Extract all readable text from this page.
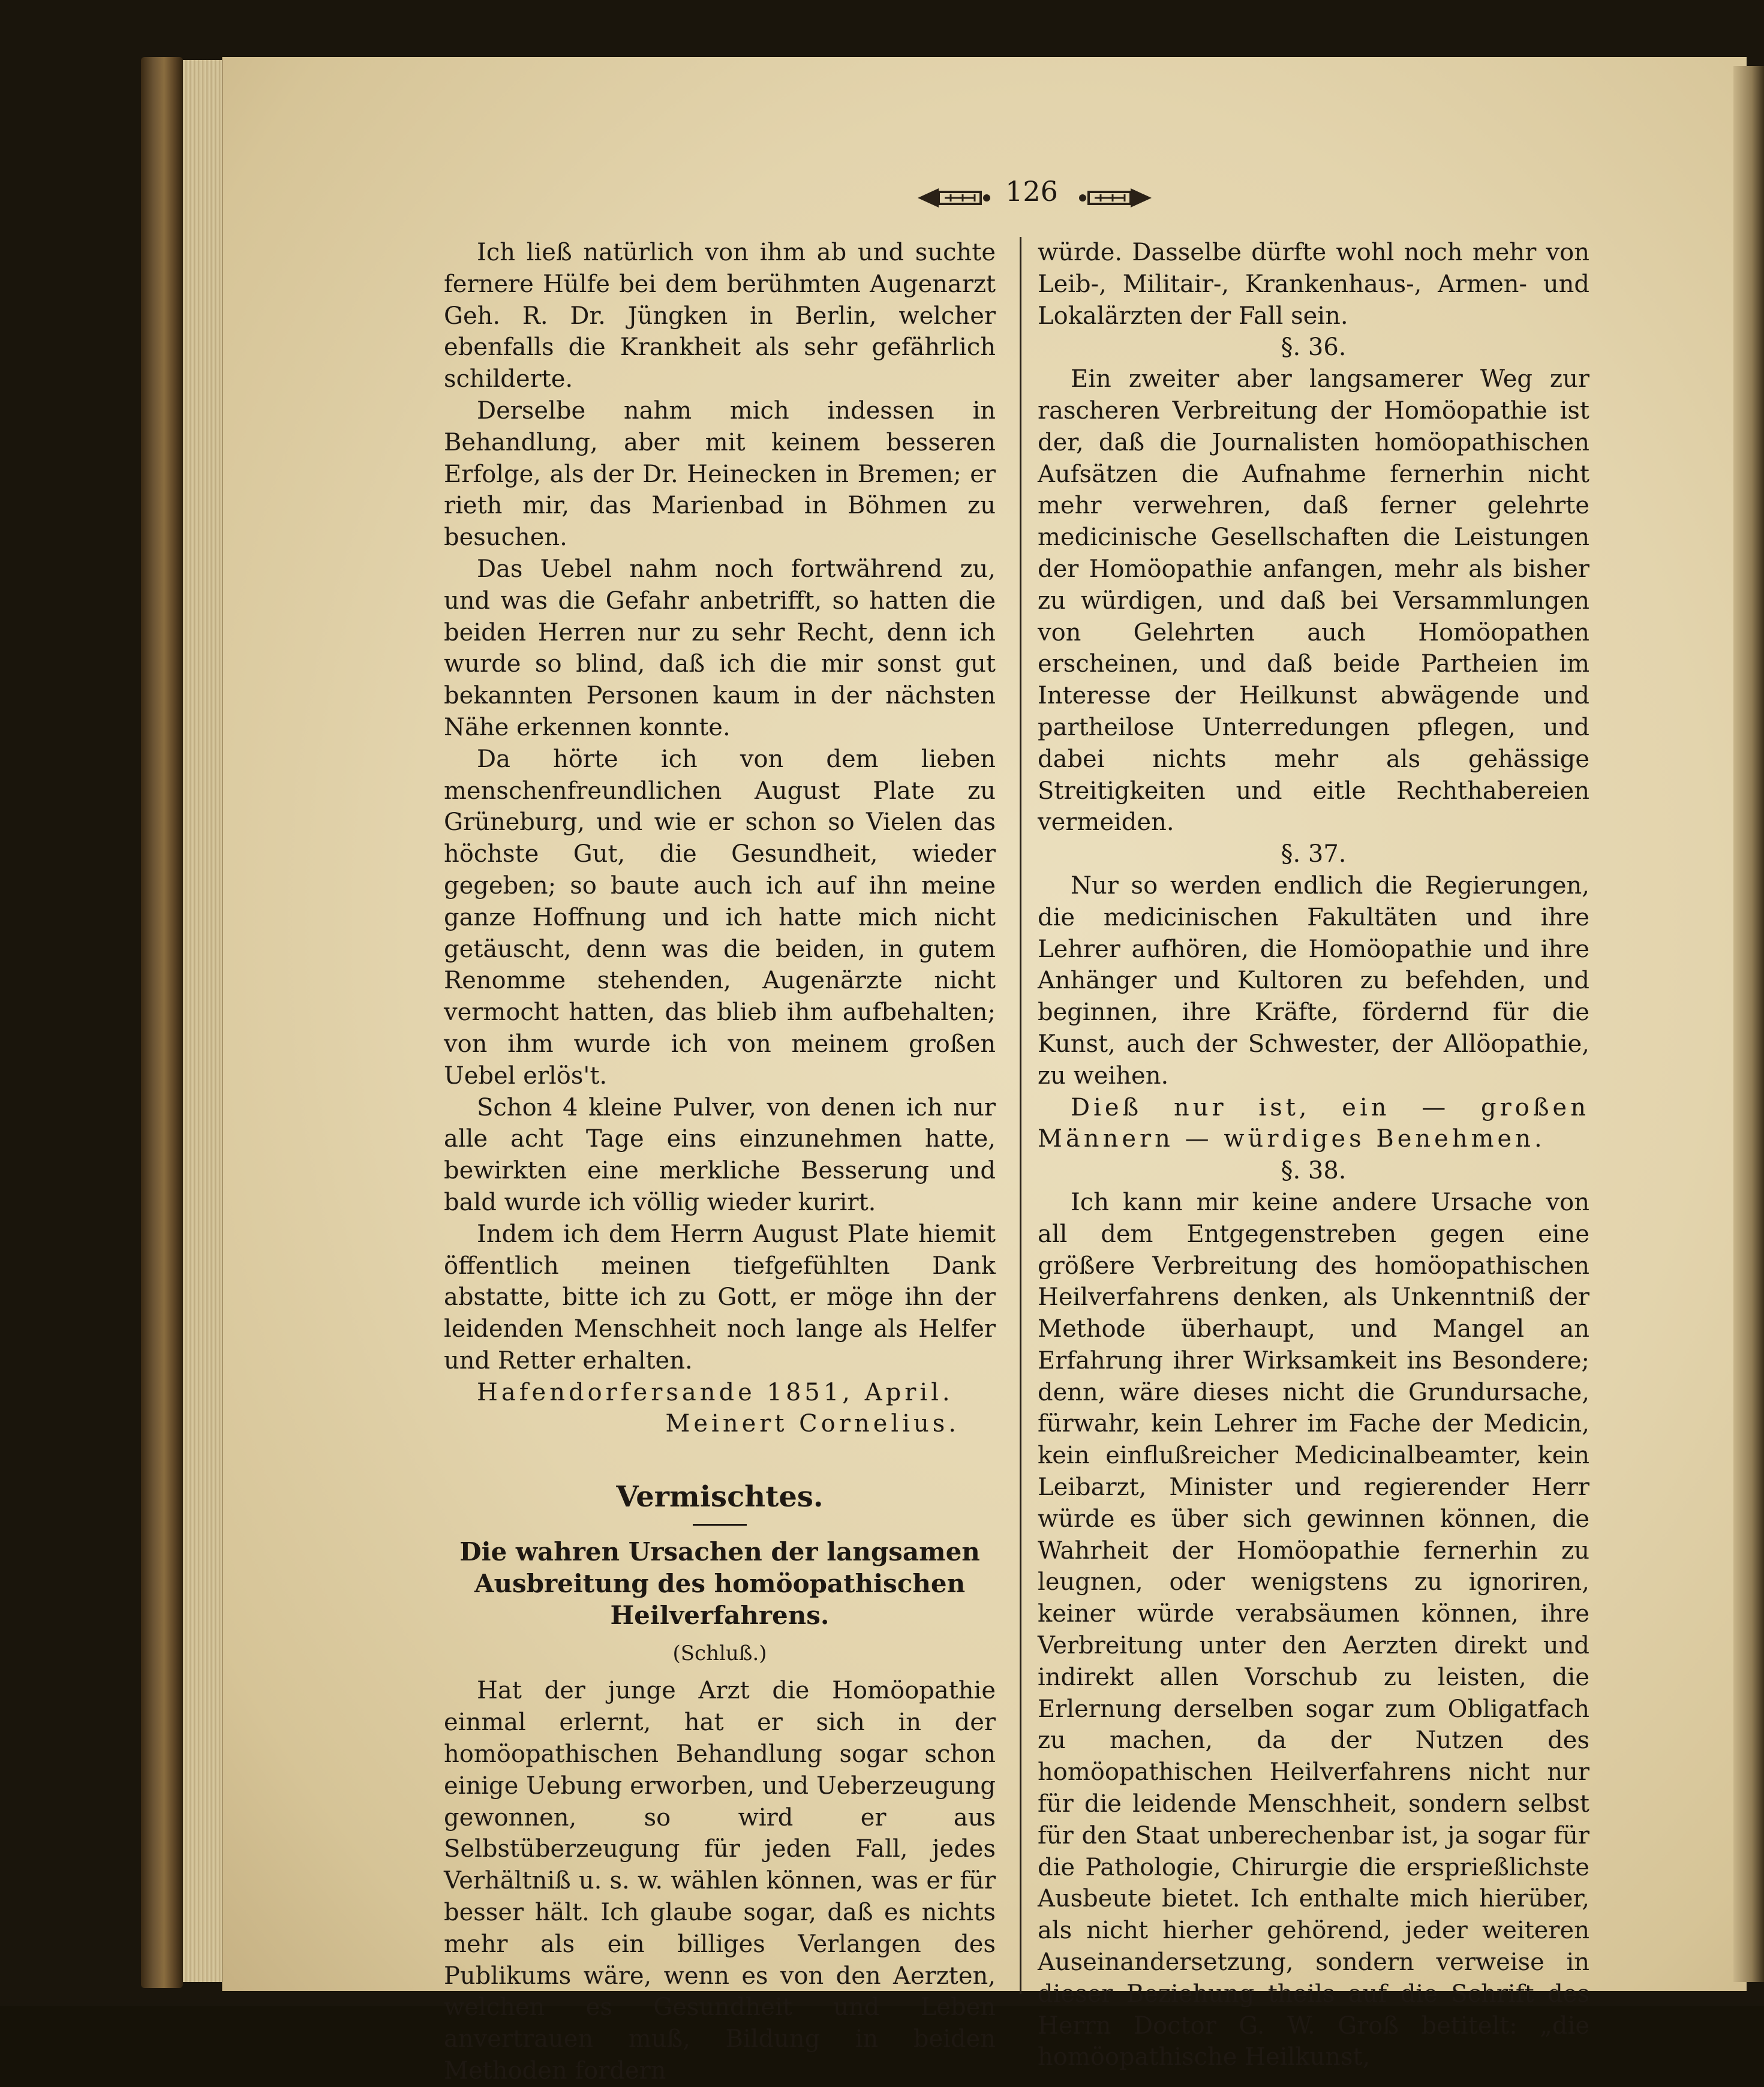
126

Ich ließ natürlich von ihm ab und suchte fernere Hülfe bei dem berühmten Augenarzt Geh. R. Dr. Jüngken in Berlin, welcher ebenfalls die Krankheit als sehr gefährlich schilderte.

Derselbe nahm mich indessen in Behandlung, aber mit keinem besseren Erfolge, als der Dr. Heinecken in Bremen; er rieth mir, das Marienbad in Böhmen zu besuchen.

Das Uebel nahm noch fortwährend zu, und was die Gefahr anbetrifft, so hatten die beiden Herren nur zu sehr Recht, denn ich wurde so blind, daß ich die mir sonst gut bekannten Personen kaum in der nächsten Nähe erkennen konnte.

Da hörte ich von dem lieben menschenfreundlichen August Plate zu Grüneburg, und wie er schon so Vielen das höchste Gut, die Gesundheit, wieder gegeben; so baute auch ich auf ihn meine ganze Hoffnung und ich hatte mich nicht getäuscht, denn was die beiden, in gutem Renomme stehenden, Augenärzte nicht vermocht hatten, das blieb ihm aufbehalten; von ihm wurde ich von meinem großen Uebel erlös't.

Schon 4 kleine Pulver, von denen ich nur alle acht Tage eins einzunehmen hatte, bewirkten eine merkliche Besserung und bald wurde ich völlig wieder kurirt.

Indem ich dem Herrn August Plate hiemit öffentlich meinen tiefgefühlten Dank abstatte, bitte ich zu Gott, er möge ihn der leidenden Menschheit noch lange als Helfer und Retter erhalten.

Hafendorfersande 1851, April.

Meinert Cornelius.

Vermischtes.
Die wahren Ursachen der langsamen Ausbreitung des homöopathischen Heilverfahrens.
(Schluß.)

Hat der junge Arzt die Homöopathie einmal erlernt, hat er sich in der homöopathischen Behandlung sogar schon einige Uebung erworben, und Ueberzeugung gewonnen, so wird er aus Selbstüberzeugung für jeden Fall, jedes Verhältniß u. s. w. wählen können, was er für besser hält. Ich glaube sogar, daß es nichts mehr als ein billiges Verlangen des Publikums wäre, wenn es von den Aerzten, welchen es Gesundheit und Leben anvertrauen muß, Bildung in beiden Methoden fordern

würde. Dasselbe dürfte wohl noch mehr von Leib-, Militair-, Krankenhaus-, Armen- und Lokalärzten der Fall sein.

§. 36.

Ein zweiter aber langsamerer Weg zur rascheren Verbreitung der Homöopathie ist der, daß die Journalisten homöopathischen Aufsätzen die Aufnahme fernerhin nicht mehr verwehren, daß ferner gelehrte medicinische Gesellschaften die Leistungen der Homöopathie anfangen, mehr als bisher zu würdigen, und daß bei Versammlungen von Gelehrten auch Homöopathen erscheinen, und daß beide Partheien im Interesse der Heilkunst abwägende und partheilose Unterredungen pflegen, und dabei nichts mehr als gehässige Streitigkeiten und eitle Rechthabereien vermeiden.

§. 37.

Nur so werden endlich die Regierungen, die medicinischen Fakultäten und ihre Lehrer aufhören, die Homöopathie und ihre Anhänger und Kultoren zu befehden, und beginnen, ihre Kräfte, fördernd für die Kunst, auch der Schwester, der Allöopathie, zu weihen.

Dieß nur ist, ein — großen Männern — würdiges Benehmen.

§. 38.

Ich kann mir keine andere Ursache von all dem Entgegenstreben gegen eine größere Verbreitung des homöopathischen Heilverfahrens denken, als Unkenntniß der Methode überhaupt, und Mangel an Erfahrung ihrer Wirksamkeit ins Besondere; denn, wäre dieses nicht die Grundursache, fürwahr, kein Lehrer im Fache der Medicin, kein einflußreicher Medicinalbeamter, kein Leibarzt, Minister und regierender Herr würde es über sich gewinnen können, die Wahrheit der Homöopathie fernerhin zu leugnen, oder wenigstens zu ignoriren, keiner würde verabsäumen können, ihre Verbreitung unter den Aerzten direkt und indirekt allen Vorschub zu leisten, die Erlernung derselben sogar zum Obligatfach zu machen, da der Nutzen des homöopathischen Heilverfahrens nicht nur für die leidende Menschheit, sondern selbst für den Staat unberechenbar ist, ja sogar für die Pathologie, Chirurgie die ersprießlichste Ausbeute bietet. Ich enthalte mich hierüber, als nicht hierher gehörend, jeder weiteren Auseinandersetzung, sondern verweise in dieser Beziehung theils auf die Schrift des Herrn Doctor G. W. Groß betitelt: „die homöopathische Heilkunst,
